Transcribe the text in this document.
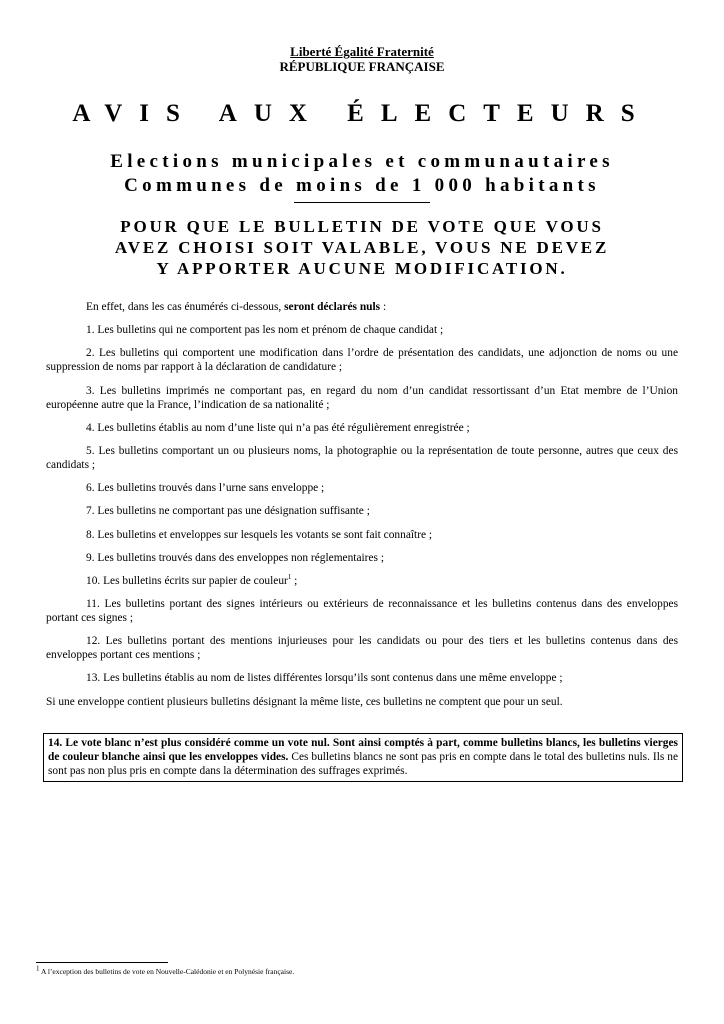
Liberté Égalité Fraternité
RÉPUBLIQUE FRANÇAISE
AVIS AUX ÉLECTEURS
Elections municipales et communautaires
Communes de moins de 1 000 habitants
POUR QUE LE BULLETIN DE VOTE QUE VOUS
AVEZ CHOISI SOIT VALABLE, VOUS NE DEVEZ
Y APPORTER AUCUNE MODIFICATION.

En effet, dans les cas énumérés ci-dessous, seront déclarés nuls :

1. Les bulletins qui ne comportent pas les nom et prénom de chaque candidat ;

2. Les bulletins qui comportent une modification dans l’ordre de présentation des candidats, une adjonction de noms ou une suppression de noms par rapport à la déclaration de candidature ;

3. Les bulletins imprimés ne comportant pas, en regard du nom d’un candidat ressortissant d’un Etat membre de l’Union européenne autre que la France, l’indication de sa nationalité ;

4. Les bulletins établis au nom d’une liste qui n’a pas été régulièrement enregistrée ;

5. Les bulletins comportant un ou plusieurs noms, la photographie ou la représentation de toute personne, autres que ceux des candidats ;

6. Les bulletins trouvés dans l’urne sans enveloppe ;

7. Les bulletins ne comportant pas une désignation suffisante ;

8. Les bulletins et enveloppes sur lesquels les votants se sont fait connaître ;

9. Les bulletins trouvés dans des enveloppes non réglementaires ;

10. Les bulletins écrits sur papier de couleur$^1$ ;

11. Les bulletins portant des signes intérieurs ou extérieurs de reconnaissance et les bulletins contenus dans des enveloppes portant ces signes ;

12. Les bulletins portant des mentions injurieuses pour les candidats ou pour des tiers et les bulletins contenus dans des enveloppes portant ces mentions ;

13. Les bulletins établis au nom de listes différentes lorsqu’ils sont contenus dans une même enveloppe ;

Si une enveloppe contient plusieurs bulletins désignant la même liste, ces bulletins ne comptent que pour un seul.

14. Le vote blanc n’est plus considéré comme un vote nul. Sont ainsi comptés à part, comme bulletins blancs, les bulletins vierges de couleur blanche ainsi que les enveloppes vides. Ces bulletins blancs ne sont pas pris en compte dans le total des bulletins nuls. Ils ne sont pas non plus pris en compte dans la détermination des suffrages exprimés.
$^1$ A l’exception des bulletins de vote en Nouvelle-Calédonie et en Polynésie française.
